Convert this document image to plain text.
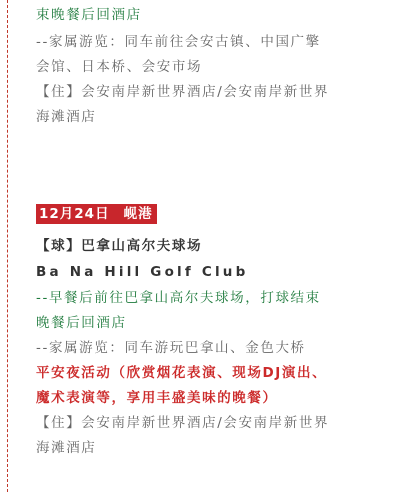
束晚餐后回酒店
--家属游览：同车前往会安古镇、中国广擎
会馆、日本桥、会安市场
【住】会安南岸新世界酒店/会安南岸新世界
海滩酒店
12月24日 岘港
【球】巴拿山高尔夫球场
Ba Na Hill Golf Club
--早餐后前往巴拿山高尔夫球场，打球结束
晚餐后回酒店
--家属游览：同车游玩巴拿山、金色大桥
平安夜活动（欣赏烟花表演、现场DJ演出、
魔术表演等，享用丰盛美味的晚餐）
【住】会安南岸新世界酒店/会安南岸新世界
海滩酒店
